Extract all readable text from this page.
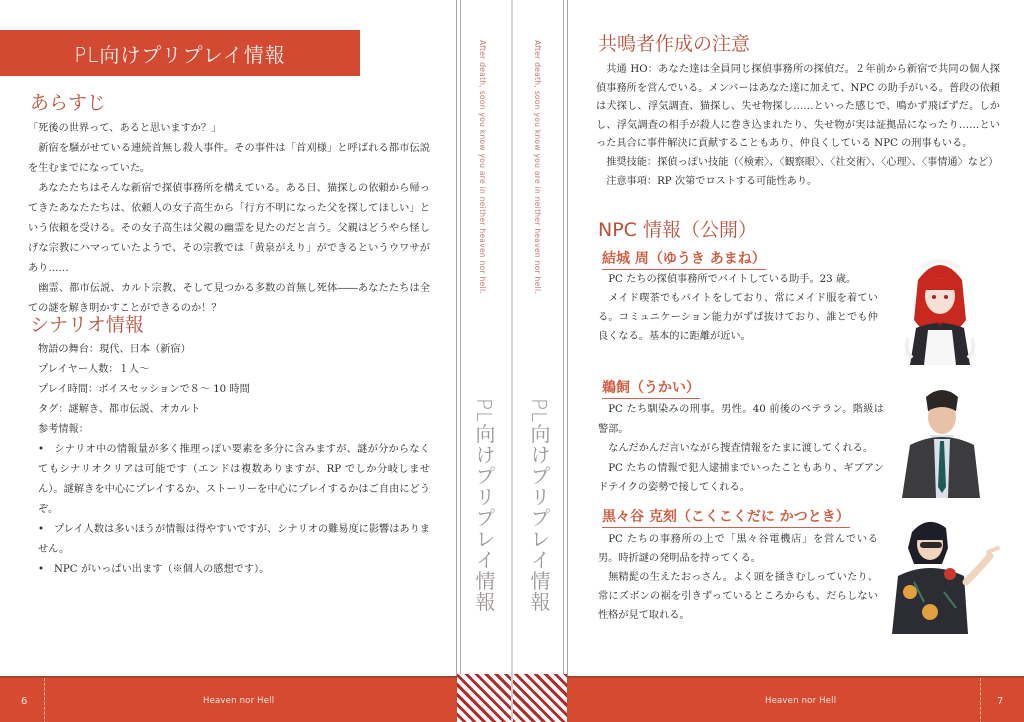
PL向けプリプレイ情報
あらすじ

「死後の世界って、あると思いますか？」

新宿を騒がせている連続首無し殺人事件。その事件は「首刈様」と呼ばれる都市伝説を生むまでになっていた。

あなたたちはそんな新宿で探偵事務所を構えている。ある日、猫探しの依頼から帰ってきたあなたたちは、依頼人の女子高生から「行方不明になった父を探してほしい」という依頼を受ける。その女子高生は父親の幽霊を見たのだと言う。父親はどうやら怪しげな宗教にハマっていたようで、その宗教では「黄泉がえり」ができるというウワサがあり……

幽霊、都市伝説、カルト宗教、そして見つかる多数の首無し死体――あなたたちは全ての謎を解き明かすことができるのか！？

シナリオ情報

物語の舞台：現代、日本（新宿）

プレイヤー人数：１人～

プレイ時間：ボイスセッションで８～ 10 時間

タグ：謎解き、都市伝説、オカルト

参考情報：

• シナリオ中の情報量が多く推理っぽい要素を多分に含みますが、謎が分からなくてもシナリオクリアは可能です（エンドは複数ありますが、RP でしか分岐しません）。謎解きを中心にプレイするか、ストーリーを中心にプレイするかはご自由にどうぞ。
• プレイ人数は多いほうが情報は得やすいですが、シナリオの難易度に影響はありません。
• NPC がいっぱい出ます（※個人の感想です）。
After death, soon you know you are in neither heaven nor hell.
PL向けプリプレイ情報
After death, soon you know you are in neither heaven nor hell.
PL向けプリプレイ情報
共鳴者作成の注意

共通 HO：あなた達は全員同じ探偵事務所の探偵だ。２年前から新宿で共同の個人探偵事務所を営んでいる。メンバーはあなた達に加えて、NPC の助手がいる。普段の依頼は犬探し、浮気調査、猫探し、失せ物探し……といった感じで、鳴かず飛ばずだ。しかし、浮気調査の相手が殺人に巻き込まれたり、失せ物が実は証拠品になったり……といった具合に事件解決に貢献することもあり、仲良くしている NPC の刑事もいる。

推奨技能：探偵っぽい技能（〈検索〉、〈観察眼〉、〈社交術〉、〈心理〉、〈事情通〉など）

注意事項：RP 次第でロストする可能性あり。

NPC 情報（公開）
結城 周（ゆうき あまね）

PC たちの探偵事務所でバイトしている助手。23 歳。

メイド喫茶でもバイトをしており、常にメイド服を着ている。コミュニケーション能力がずば抜けており、誰とでも仲良くなる。基本的に距離が近い。

鵜飼（うかい）

PC たち馴染みの刑事。男性。40 前後のベテラン。階級は警部。

なんだかんだ言いながら捜査情報をたまに渡してくれる。

PC たちの情報で犯人逮捕までいったこともあり、ギブアンドテイクの姿勢で接してくれる。

黒々谷 克刻（こくこくだに かつとき）

PC たちの事務所の上で「黒々谷電機店」を営んでいる男。時折謎の発明品を持ってくる。

無精髭の生えたおっさん。よく頭を掻きむしっていたり、常にズボンの裾を引きずっているところからも、だらしない性格が見て取れる。

6	Heaven nor Hell	Heaven nor Hell	7
